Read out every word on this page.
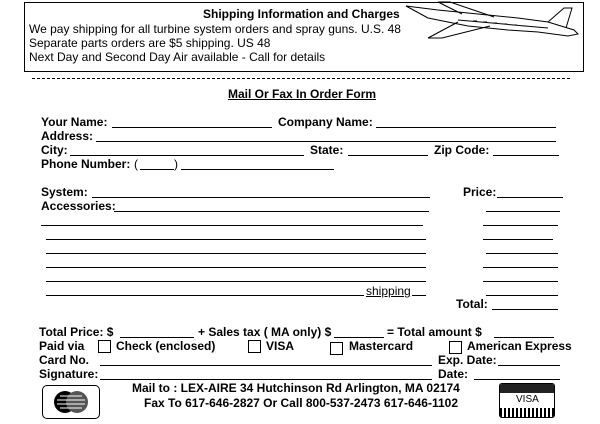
Shipping Information and Charges
We pay shipping for all turbine system orders and spray guns. U.S. 48
Separate parts orders are $5 shipping. US 48
Next Day and Second Day Air available - Call for details
Mail Or Fax In Order Form
Your Name:	Company Name:
Address:
City:	State:	Zip Code:
Phone Number: (	)
System:	Price:
Accessories:
shipping
Total:
Total Price: $	+ Sales tax ( MA only) $	= Total amount $
Paid via	Check (enclosed)	VISA	Mastercard	American Express
Card No.	Exp. Date:
Signature:	Date:
Mail to : LEX-AIRE 34 Hutchinson Rd Arlington, MA 02174
Fax To 617-646-2827 Or Call 800-537-2473 617-646-1102	VISA
